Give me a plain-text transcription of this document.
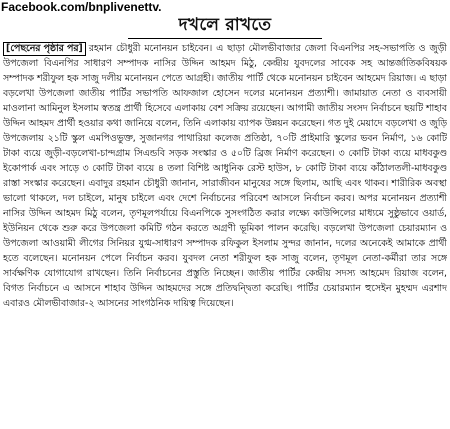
Facebook.com/bnplivenettv.
দখলে রাখতে

[পেছনের পৃষ্ঠার পর] রহমান চৌধুরী মনোনয়ন চাইবেন। এ ছাড়া মৌলভীবাজার জেলা বিএনপির সহ-সভাপতি ও জুড়ী উপজেলা বিএনপির সাধারণ সম্পাদক নাসির উদ্দিন আহমদ মিঠু, কেন্দ্রীয় যুবদলের সাবেক সহ আন্তর্জাতিকবিষয়ক সম্পাদক শরীফুল হক সাজু দলীয় মনোনয়ন পেতে আগ্রহী। জাতীয় পার্টি থেকে মনোনয়ন চাইবেন আহমেদ রিয়াজ। এ ছাড়া বড়লেখা উপজেলা জাতীয় পার্টির সভাপতি আফজাল হোসেন দলের মনোনয়ন প্রত্যাশী। জামায়াত নেতা ও ব্যবসায়ী মাওলানা আমিনুল ইসলাম স্বতন্ত্র প্রার্থী হিসেবে এলাকায় বেশ সক্রিয় রয়েছেন। আগামী জাতীয় সংসদ নির্বাচনে ছয়টি শাহাব উদ্দিন আহমদ প্রার্থী হওয়ার কথা জানিয়ে বলেন, তিনি এলাকায় ব্যাপক উন্নয়ন করেছেন। গত দুই মেয়াদে বড়লেখা ও জুড়ি উপজেলায় ২১টি স্কুল এমপিওভুক্ত, সুজানগর পাথারিয়া কলেজ প্রতিষ্ঠা, ৭০টি প্রাইমারি স্কুলের ভবন নির্মাণ, ১৬ কোটি টাকা ব্যয়ে জুড়ী-বড়লেখা-চান্দগ্রাম সিএন্ডবি সড়ক সংস্কার ও ৫০টি ব্রিজ নির্মাণ করেছেন। ৩ কোটি টাকা ব্যয়ে মাধবকুণ্ড ইকোপার্ক এবং সাড়ে ৩ কোটি টাকা ব্যয়ে ৪ তলা বিশিষ্ট আধুনিক রেস্ট হাউস, ৮ কোটি টাকা ব্যয়ে কাঁঠালতলী-মাধবকুণ্ড রাস্তা সংস্কার করেছেন। এবাদুর রহমান চৌধুরী জানান, সারাজীবন মানুষের সঙ্গে ছিলাম, আছি এবং থাকব। শারীরিক অবস্থা ভালো থাকলে, দল চাইলে, মানুষ চাইলে এবং দেশে নির্বাচনের পরিবেশ আসলে নির্বাচন করব। অপর মনোনয়ন প্রত্যাশী নাসির উদ্দিন আহমদ মিঠু বলেন, তৃণমূলপর্যায়ে বিএনপিকে সুসংগঠিত করার লক্ষ্যে কাউন্সিলের মাধ্যমে সুষ্ঠুভাবে ওয়ার্ড, ইউনিয়ন থেকে শুরু করে উপজেলা কমিটি গঠন করতে অগ্রণী ভূমিকা পালন করেছি। বড়লেখা উপজেলা চেয়ারম্যান ও উপজেলা আওয়ামী লীগের সিনিয়র যুগ্ম-সাধারণ সম্পাদক রফিকুল ইসলাম সুন্দর জানান, দলের অনেকেই আমাকে প্রার্থী হতে বলেছেন। মনোনয়ন পেলে নির্বাচন করব। যুবদল নেতা শরীফুল হক সাজু বলেন, তৃণমূল নেতা-কর্মীরা তার সঙ্গে সার্বক্ষণিক যোগাযোগ রাখছেন। তিনি নির্বাচনের প্রস্তুতি নিচ্ছেন। জাতীয় পার্টির কেন্দ্রীয় সদস্য আহমেদ রিয়াজ বলেন, বিগত নির্বাচনে এ আসনে শাহাব উদ্দিন আহমদের সঙ্গে প্রতিদ্বন্দ্বিতা করেছি। পার্টির চেয়ারম্যান হুসেইন মুহম্মদ এরশাদ এবারও মৌলভীবাজার-২ আসনের সাংগঠনিক দায়িত্ব দিয়েছেন।
